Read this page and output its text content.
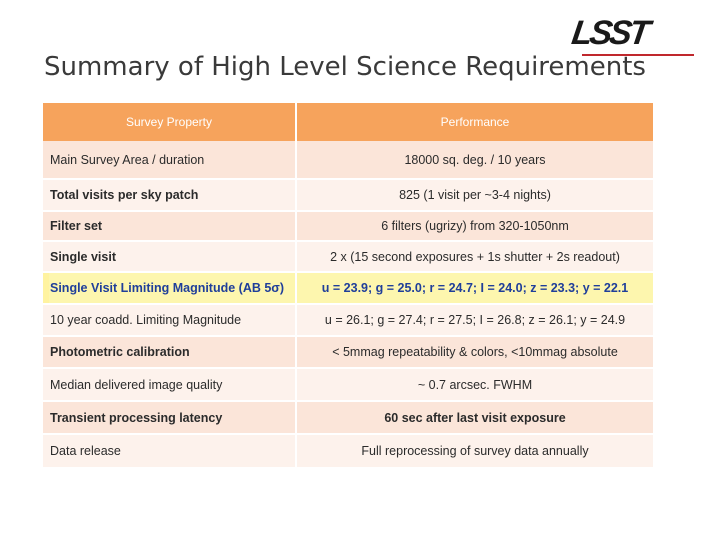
LSST
Summary of High Level Science Requirements
Survey Property	Performance
Main Survey Area / duration	18000 sq. deg. / 10 years
Total visits per sky patch	825 (1 visit per ~3-4 nights)
Filter set	6 filters (ugrizy) from 320-1050nm
Single visit	2 x (15 second exposures + 1s shutter + 2s readout)
Single Visit Limiting Magnitude (AB 5σ)	u = 23.9; g = 25.0; r = 24.7; I = 24.0; z = 23.3; y = 22.1
10 year coadd. Limiting Magnitude	u = 26.1; g = 27.4; r = 27.5; I = 26.8; z = 26.1; y = 24.9
Photometric calibration	< 5mmag repeatability & colors, <10mmag absolute
Median delivered image quality	~ 0.7 arcsec. FWHM
Transient processing latency	60 sec after last visit exposure
Data release	Full reprocessing of survey data annually
